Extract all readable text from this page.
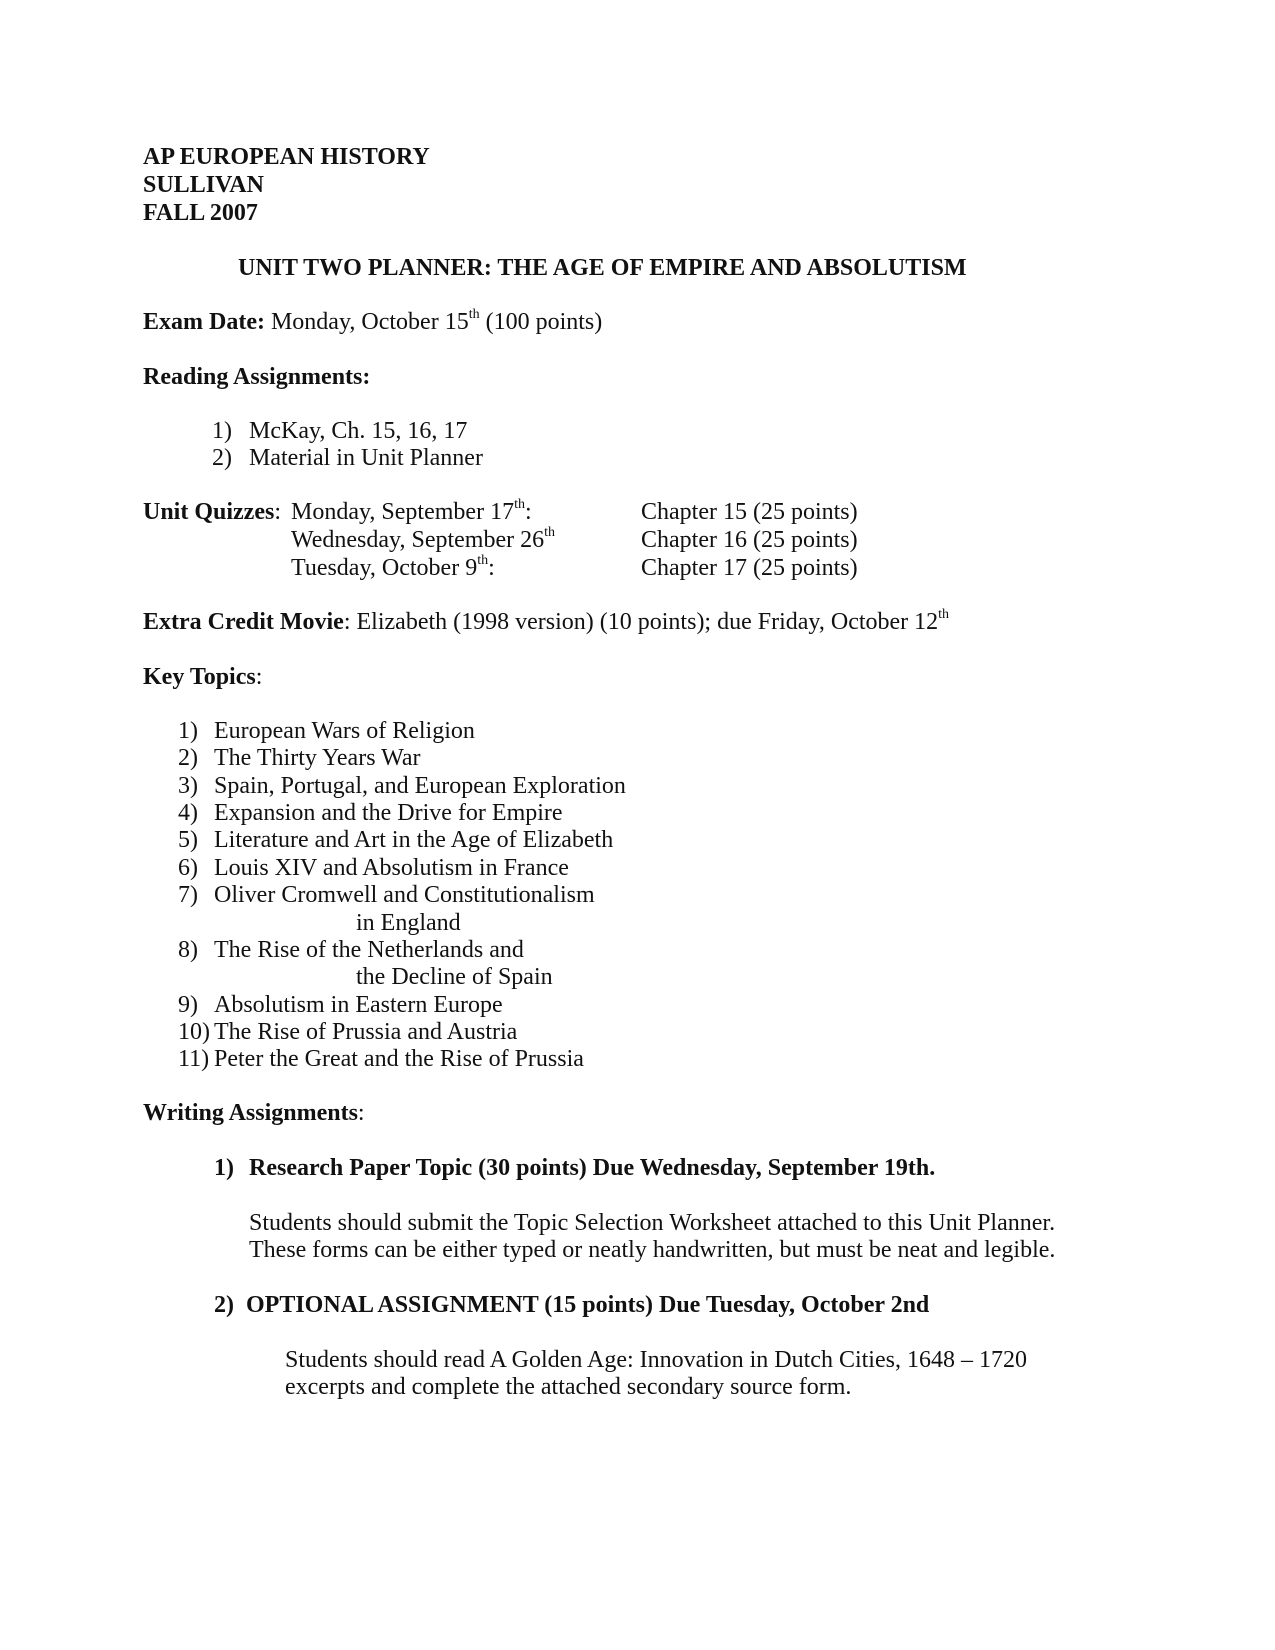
AP EUROPEAN HISTORY
SULLIVAN
FALL 2007
UNIT TWO PLANNER: THE AGE OF EMPIRE AND ABSOLUTISM
Exam Date: Monday, October 15th (100 points)
Reading Assignments:
1) McKay, Ch. 15, 16, 17
2) Material in Unit Planner
Unit Quizzes: Monday, September 17th:	Chapter 15 (25 points)
Wednesday, September 26th	Chapter 16 (25 points)
Tuesday, October 9th:	Chapter 17 (25 points)
Extra Credit Movie: Elizabeth (1998 version) (10 points); due Friday, October 12th
Key Topics:
1) European Wars of Religion
2) The Thirty Years War
3) Spain, Portugal, and European Exploration
4) Expansion and the Drive for Empire
5) Literature and Art in the Age of Elizabeth
6) Louis XIV and Absolutism in France
7) Oliver Cromwell and Constitutionalism
in England
8) The Rise of the Netherlands and
the Decline of Spain
9) Absolutism in Eastern Europe
10) The Rise of Prussia and Austria
11) Peter the Great and the Rise of Prussia
Writing Assignments:
1) Research Paper Topic (30 points) Due Wednesday, September 19th.
Students should submit the Topic Selection Worksheet attached to this Unit Planner.
These forms can be either typed or neatly handwritten, but must be neat and legible.
2) OPTIONAL ASSIGNMENT (15 points) Due Tuesday, October 2nd
Students should read A Golden Age: Innovation in Dutch Cities, 1648 – 1720
excerpts and complete the attached secondary source form.
